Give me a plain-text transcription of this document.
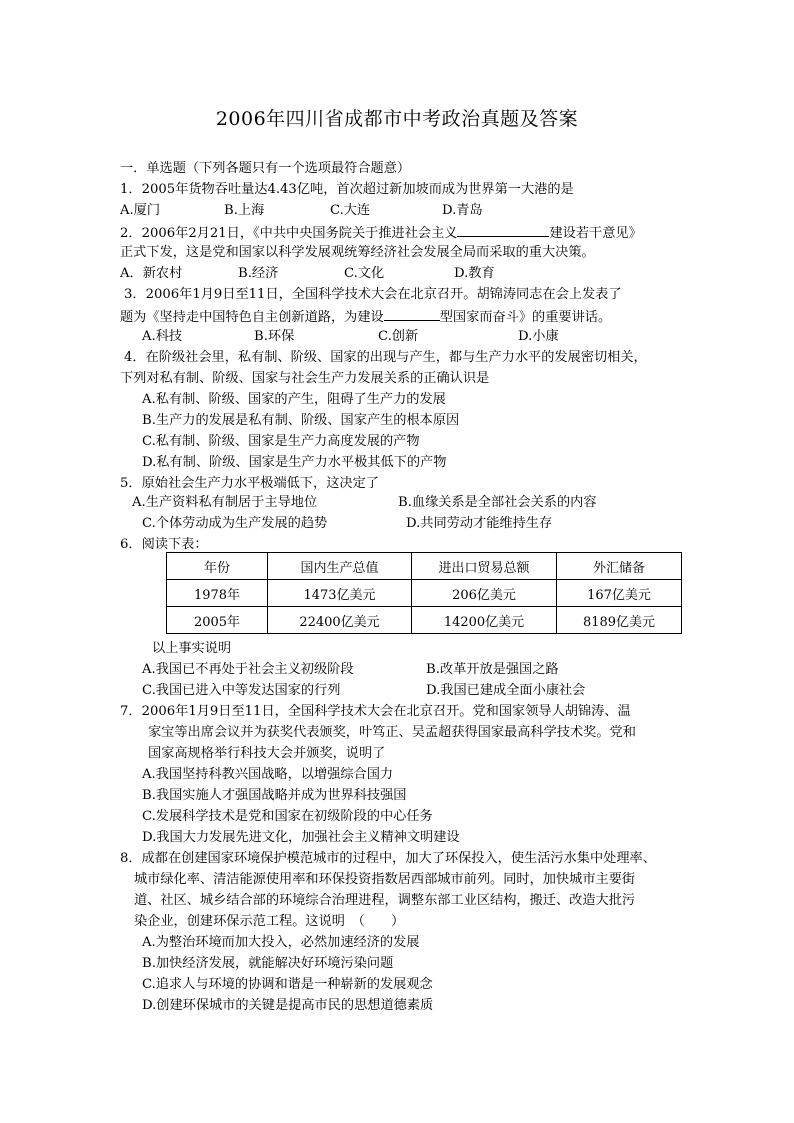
2006年四川省成都市中考政治真题及答案
一．单选题（下列各题只有一个选项最符合题意）
1．2005年货物吞吐量达4.43亿吨，首次超过新加坡而成为世界第一大港的是
A.厦门	B.上海	C.大连	D.青岛
2．2006年2月21日，《中共中央国务院关于推进社会主义	建设若干意见》
正式下发，这是党和国家以科学发展观统筹经济社会发展全局而采取的重大决策。
A．新农村	B.经济	C.文化	D.教育
3．2006年1月9日至11日，全国科学技术大会在北京召开。胡锦涛同志在会上发表了
题为《坚持走中国特色自主创新道路，为建设	型国家而奋斗》的重要讲话。
A.科技	B.环保	C.创新	D.小康
4．在阶级社会里，私有制、阶级、国家的出现与产生，都与生产力水平的发展密切相关，
下列对私有制、阶级、国家与社会生产力发展关系的正确认识是
A.私有制、阶级、国家的产生，阻碍了生产力的发展
B.生产力的发展是私有制、阶级、国家产生的根本原因
C.私有制、阶级、国家是生产力高度发展的产物
D.私有制、阶级、国家是生产力水平极其低下的产物
5．原始社会生产力水平极端低下，这决定了
A.生产资料私有制居于主导地位	B.血缘关系是全部社会关系的内容
C.个体劳动成为生产发展的趋势	D.共同劳动才能维持生存
6．阅读下表：
年份	国内生产总值	进出口贸易总额	外汇储备
1978年	1473亿美元	206亿美元	167亿美元
2005年	22400亿美元	14200亿美元	8189亿美元
以上事实说明
A.我国已不再处于社会主义初级阶段	B.改革开放是强国之路
C.我国已进入中等发达国家的行列	D.我国已建成全面小康社会
7．2006年1月9日至11日，全国科学技术大会在北京召开。党和国家领导人胡锦涛、温
家宝等出席会议并为获奖代表颁奖，叶笃正、吴孟超获得国家最高科学技术奖。党和
国家高规格举行科技大会并颁奖，说明了
A.我国坚持科教兴国战略，以增强综合国力
B.我国实施人才强国战略并成为世界科技强国
C.发展科学技术是党和国家在初级阶段的中心任务
D.我国大力发展先进文化，加强社会主义精神文明建设
8．成都在创建国家环境保护模范城市的过程中，加大了环保投入，使生活污水集中处理率、
城市绿化率、清洁能源使用率和环保投资指数居西部城市前列。同时，加快城市主要街
道、社区、城乡结合部的环境综合治理进程，调整东部工业区结构，搬迁、改造大批污
染企业，创建环保示范工程。这说明　（　　）
A.为整治环境而加大投入，必然加速经济的发展
B.加快经济发展，就能解决好环境污染问题
C.追求人与环境的协调和谐是一种崭新的发展观念
D.创建环保城市的关键是提高市民的思想道德素质
